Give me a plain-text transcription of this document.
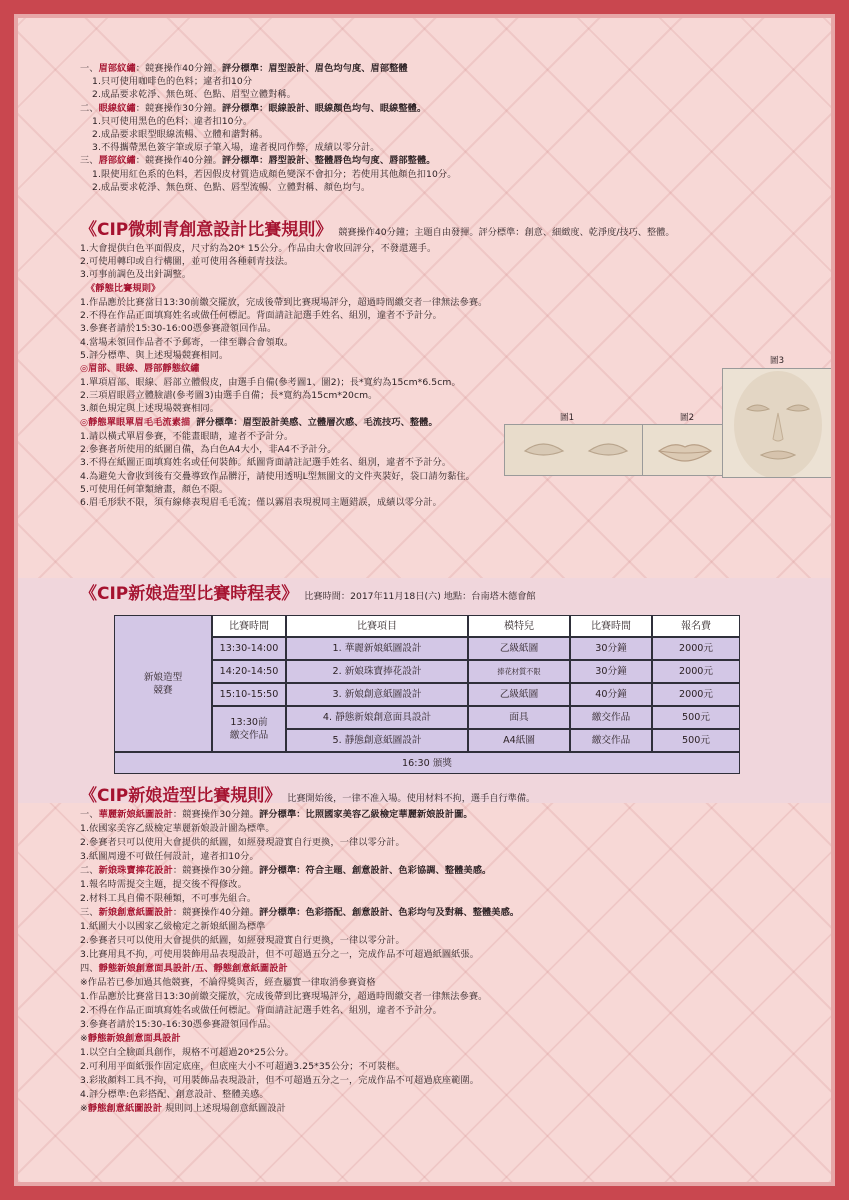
《CIP微刺青創意設計比賽規則》 競賽操作40分鐘；主題自由發揮。評分標準：創意、細緻度、乾淨度/技巧、整體。
《CIP新娘造型比賽時程表》 比賽時間：2017年11月18日(六) 地點：台南塔木德會館
新娘造型
競賽
比賽時間	比賽項目	模特兒	比賽時間	報名費
13:30-14:00	1. 華麗新娘紙圖設計	乙級紙圖	30分鐘	2000元
14:20-14:50	2. 新娘珠寶捧花設計	捧花材質不限	30分鐘	2000元
15:10-15:50	3. 新娘創意紙圖設計	乙級紙圖	40分鐘	2000元
13:30前
繳交作品
4. 靜態新娘創意面具設計	面具	繳交作品	500元
5. 靜態創意紙圖設計	A4紙圖	繳交作品	500元
16:30 頒獎
《CIP新娘造型比賽規則》 比賽開始後，一律不准入場。使用材料不拘，選手自行準備。
圖1	圖2
圖3
一、眉部紋繡：競賽操作40分鐘。評分標準：眉型設計、眉色均勻度、眉部整體
1.只可使用咖啡色的色料；違者扣10分
2.成品要求乾淨、無色斑、色點、眉型立體對稱。
二、眼線紋繡：競賽操作30分鐘。評分標準：眼線設計、眼線顏色均勻、眼線整體。
1.只可使用黑色的色料；違者扣10分。
2.成品要求眼型眼線流暢、立體和諧對稱。
3.不得攜帶黑色簽字筆或原子筆入場，違者視同作弊，成績以零分計。
三、唇部紋繡：競賽操作40分鐘。評分標準：唇型設計、整體唇色均勻度、唇部整體。
1.限使用紅色系的色料，若因假皮材質造成顏色變深不會扣分；若使用其他顏色扣10分。
2.成品要求乾淨、無色斑、色點、唇型流暢、立體對稱、顏色均勻。
1.大會提供白色平面假皮，尺寸約為20* 15公分。作品由大會收回評分，不發還選手。
2.可使用轉印或自行構圖，並可使用各種刺青技法。
3.可事前調色及出針調整。
《靜態比賽規則》
1.作品應於比賽當日13:30前繳交擺放，完成後帶到比賽現場評分，超過時間繳交者一律無法參賽。
2.不得在作品正面填寫姓名或做任何標記。背面請註記選手姓名、組別，違者不予計分。
3.參賽者請於15:30-16:00憑參賽證領回作品。
4.當場未領回作品者不予郵寄，一律至聯合會領取。
5.評分標準、與上述現場競賽相同。
◎眉部、眼線、唇部靜態紋繡
1.單項眉部、眼線、唇部立體假皮，由選手自備(參考圖1、圖2)；長*寬約為15cm*6.5cm。
2.三項眉眼唇立體臉譜(參考圖3)由選手自備；長*寬約為15cm*20cm。
3.顏色規定與上述現場競賽相同。
◎靜態單眼單眉毛毛流素描 評分標準：眉型設計美感、立體層次感、毛流技巧、整體。
1.請以橫式單眉參賽，不能畫眼睛，違者不予計分。
2.參賽者所使用的紙圖自備，為白色A4大小，非A4不予計分。
3.不得在紙圖正面填寫姓名或任何裝飾。紙圖背面請註記選手姓名、組別，違者不予計分。
4.為避免大會收到後有交疊導致作品髒汙，請使用透明L型無圖文的文件夾裝好，袋口請勿黏住。
5.可使用任何筆類繪畫，顏色不限。
6.眉毛形狀不限，須有線條表現眉毛毛流；僅以霧眉表現視同主題錯誤，成績以零分計。
一、華麗新娘紙圖設計：競賽操作30分鐘。評分標準：比照國家美容乙級檢定華麗新娘設計圖。
1.依國家美容乙級檢定華麗新娘設計圖為標準。
2.參賽者只可以使用大會提供的紙圖，如經發現證實自行更換，一律以零分計。
3.紙圖周邊不可做任何設計，違者扣10分。
二、新娘珠寶捧花設計：競賽操作30分鐘。評分標準：符合主題、創意設計、色彩協調、整體美感。
1.報名時需提交主題，提交後不得修改。
2.材料工具自備不限種類，不可事先組合。
三、新娘創意紙圖設計：競賽操作40分鐘。評分標準：色彩搭配、創意設計、色彩均勻及對稱、整體美感。
1.紙圖大小以國家乙級檢定之新娘紙圖為標準
2.參賽者只可以使用大會提供的紙圖，如經發現證實自行更換，一律以零分計。
3.比賽用具不拘，可使用裝飾用品表現設計，但不可超過五分之一，完成作品不可超過紙圖紙張。
四、靜態新娘創意面具設計/五、靜態創意紙圖設計
※作品若已參加過其他競賽，不論得獎與否，經查屬實一律取消參賽資格
1.作品應於比賽當日13:30前繳交擺放，完成後帶到比賽現場評分，超過時間繳交者一律無法參賽。
2.不得在作品正面填寫姓名或做任何標記。背面請註記選手姓名、組別，違者不予計分。
3.參賽者請於15:30-16:30憑參賽證領回作品。
※靜態新娘創意面具設計
1.以空白全臉面具創作，規格不可超過20*25公分。
2.可利用平面紙張作固定底座，但底座大小不可超過3.25*35公分；不可裝框。
3.彩妝顏料工具不拘，可用裝飾品表現設計，但不可超過五分之一，完成作品不可超過底座範圍。
4.評分標準:色彩搭配、創意設計、整體美感。
※靜態創意紙圖設計 規則同上述現場創意紙圖設計
